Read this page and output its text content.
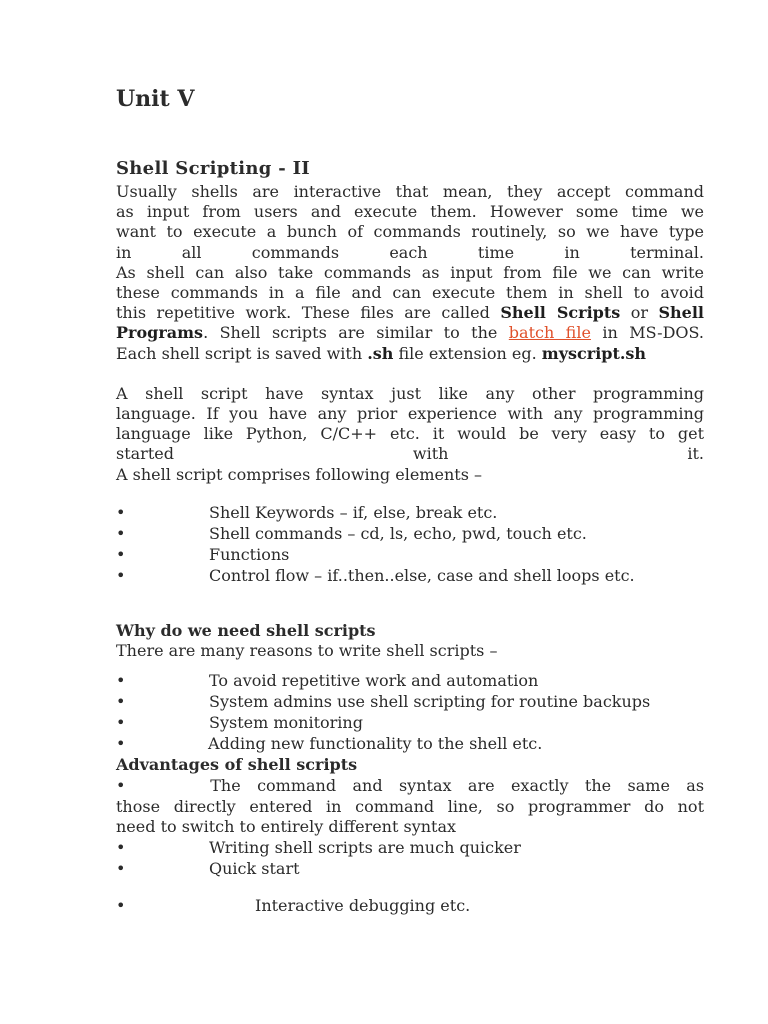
Unit V
Shell Scripting - II
Usually shells are interactive that mean, they accept command
as input from users and execute them. However some time we
want to execute a bunch of commands routinely, so we have type
in	all	commands	each	time	in	terminal.
As shell can also take commands as input from file we can write
these commands in a file and can execute them in shell to avoid
this repetitive work. These files are called Shell Scripts or Shell
Programs. Shell scripts are similar to the batch file in MS-DOS.
Each shell script is saved with .sh file extension eg. myscript.sh
A shell script have syntax just like any other programming
language. If you have any prior experience with any programming
language like Python, C/C++ etc. it would be very easy to get
started	with	it.
A shell script comprises following elements –
•	Shell Keywords – if, else, break etc.
•	Shell commands – cd, ls, echo, pwd, touch etc.
•	Functions
•	Control flow – if..then..else, case and shell loops etc.
Why do we need shell scripts
There are many reasons to write shell scripts –
•	To avoid repetitive work and automation
•	System admins use shell scripting for routine backups
•	System monitoring
•	Adding new functionality to the shell etc.
Advantages of shell scripts
•	The command and syntax are exactly the same as
those directly entered in command line, so programmer do not
need to switch to entirely different syntax
•	Writing shell scripts are much quicker
•	Quick start
•	Interactive debugging etc.
